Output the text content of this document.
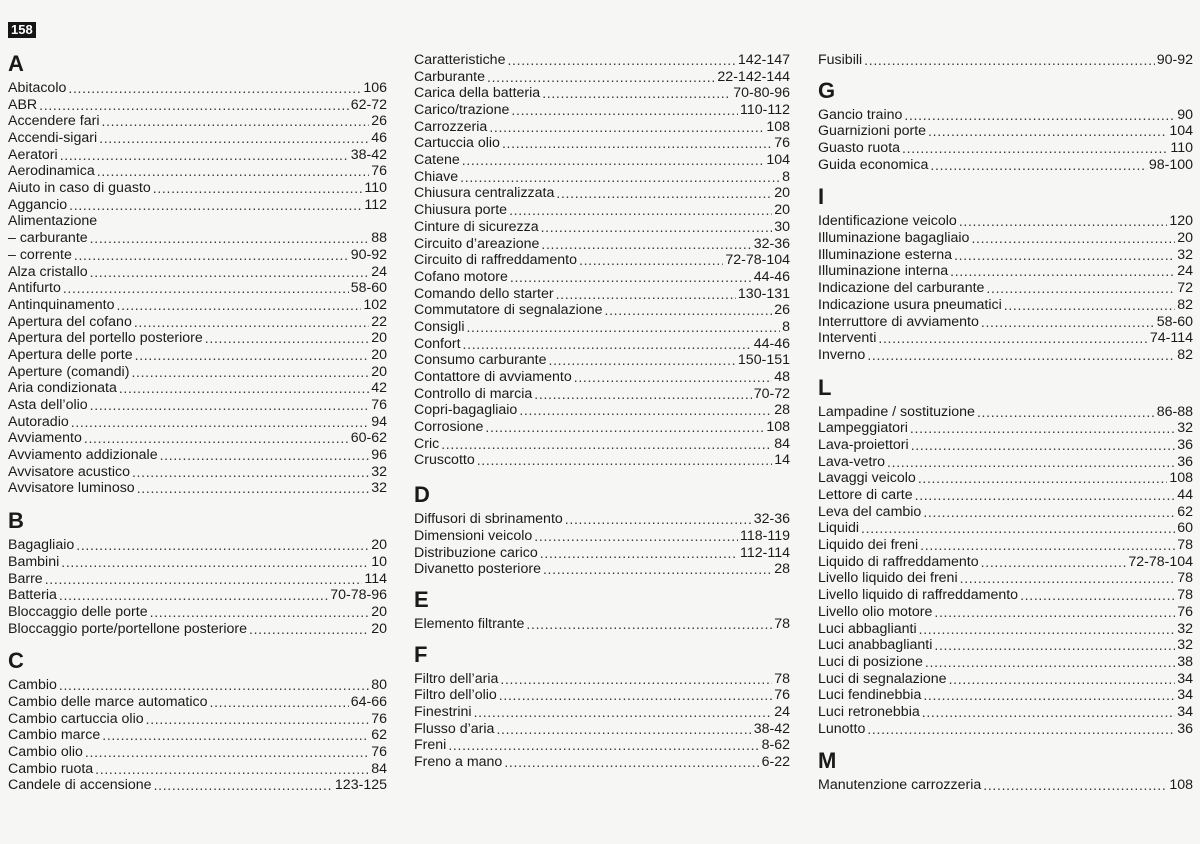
158
A
Abitacolo . . .	106
ABR . . .	62-72
Accendere fari . . .	26
Accendi-sigari . . .	46
Aeratori . . .	38-42
Aerodinamica . . .	76
Aiuto in caso di guasto . . .	110
Aggancio . . .	112
Alimentazione
– carburante . . .	88
– corrente . . .	90-92
Alza cristallo . . .	24
Antifurto . . .	58-60
Antinquinamento . . .	102
Apertura del cofano . . .	22
Apertura del portello posteriore . . .	20
Apertura delle porte . . .	20
Aperture (comandi) . . .	20
Aria condizionata . . .	42
Asta dell’olio . . .	76
Autoradio . . .	94
Avviamento . . .	60-62
Avviamento addizionale . . .	96
Avvisatore acustico . . .	32
Avvisatore luminoso . . .	32
B
Bagagliaio . . .	20
Bambini . . .	10
Barre . . .	114
Batteria . . .	70-78-96
Bloccaggio delle porte . . .	20
Bloccaggio porte/portellone posteriore . . .	20
C
Cambio . . .	80
Cambio delle marce automatico . . .	64-66
Cambio cartuccia olio . . .	76
Cambio marce . . .	62
Cambio olio . . .	76
Cambio ruota . . .	84
Candele di accensione . . .	123-125
Caratteristiche . . .	142-147
Carburante . . .	22-142-144
Carica della batteria . . .	70-80-96
Carico/trazione . . .	110-112
Carrozzeria . . .	108
Cartuccia olio . . .	76
Catene . . .	104
Chiave . . .	8
Chiusura centralizzata . . .	20
Chiusura porte . . .	20
Cinture di sicurezza . . .	30
Circuito d’areazione . . .	32-36
Circuito di raffreddamento . . .	72-78-104
Cofano motore . . .	44-46
Comando dello starter . . .	130-131
Commutatore di segnalazione . . .	26
Consigli . . .	8
Confort . . .	44-46
Consumo carburante . . .	150-151
Contattore di avviamento . . .	48
Controllo di marcia . . .	70-72
Copri-bagagliaio . . .	28
Corrosione . . .	108
Cric . . .	84
Cruscotto . . .	14
D
Diffusori di sbrinamento . . .	32-36
Dimensioni veicolo . . .	118-119
Distribuzione carico . . .	112-114
Divanetto posteriore . . .	28
E
Elemento filtrante . . .	78
F
Filtro dell’aria . . .	78
Filtro dell’olio . . .	76
Finestrini . . .	24
Flusso d’aria . . .	38-42
Freni . . .	8-62
Freno a mano . . .	6-22
Fusibili . . .	90-92
G
Gancio traino . . .	90
Guarnizioni porte . . .	104
Guasto ruota . . .	110
Guida economica . . .	98-100
I
Identificazione veicolo . . .	120
Illuminazione bagagliaio . . .	20
Illuminazione esterna . . .	32
Illuminazione interna . . .	24
Indicazione del carburante . . .	72
Indicazione usura pneumatici . . .	82
Interruttore di avviamento . . .	58-60
Interventi . . .	74-114
Inverno . . .	82
L
Lampadine / sostituzione . . .	86-88
Lampeggiatori . . .	32
Lava-proiettori . . .	36
Lava-vetro . . .	36
Lavaggi veicolo . . .	108
Lettore di carte . . .	44
Leva del cambio . . .	62
Liquidi . . .	60
Liquido dei freni . . .	78
Liquido di raffreddamento . . .	72-78-104
Livello liquido dei freni . . .	78
Livello liquido di raffreddamento . . .	78
Livello olio motore . . .	76
Luci abbaglianti . . .	32
Luci anabbaglianti . . .	32
Luci di posizione . . .	38
Luci di segnalazione . . .	34
Luci fendinebbia . . .	34
Luci retronebbia . . .	34
Lunotto . . .	36
M
Manutenzione carrozzeria . . .	108
